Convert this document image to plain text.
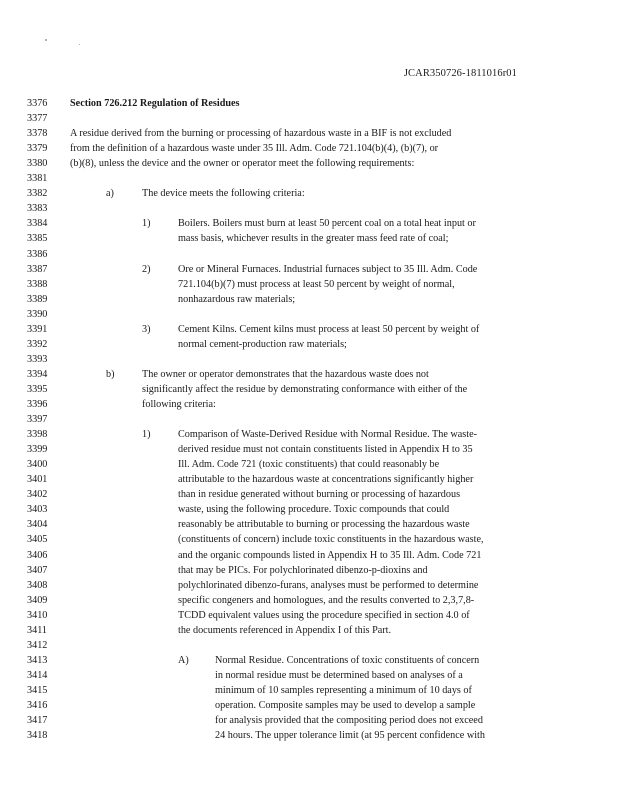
JCAR350726-1811016r01
3376	Section 726.212 Regulation of Residues
3377
3378	A residue derived from the burning or processing of hazardous waste in a BIF is not excluded
3379	from the definition of a hazardous waste under 35 Ill. Adm. Code 721.104(b)(4), (b)(7), or
3380	(b)(8), unless the device and the owner or operator meet the following requirements:
3381
3382	a)	The device meets the following criteria:
3383
3384	1)	Boilers. Boilers must burn at least 50 percent coal on a total heat input or
3385	mass basis, whichever results in the greater mass feed rate of coal;
3386
3387	2)	Ore or Mineral Furnaces. Industrial furnaces subject to 35 Ill. Adm. Code
3388	721.104(b)(7) must process at least 50 percent by weight of normal,
3389	nonhazardous raw materials;
3390
3391	3)	Cement Kilns. Cement kilns must process at least 50 percent by weight of
3392	normal cement-production raw materials;
3393
3394	b)	The owner or operator demonstrates that the hazardous waste does not
3395	significantly affect the residue by demonstrating conformance with either of the
3396	following criteria:
3397
3398	1)	Comparison of Waste-Derived Residue with Normal Residue. The waste-
3399	derived residue must not contain constituents listed in Appendix H to 35
3400	Ill. Adm. Code 721 (toxic constituents) that could reasonably be
3401	attributable to the hazardous waste at concentrations significantly higher
3402	than in residue generated without burning or processing of hazardous
3403	waste, using the following procedure. Toxic compounds that could
3404	reasonably be attributable to burning or processing the hazardous waste
3405	(constituents of concern) include toxic constituents in the hazardous waste,
3406	and the organic compounds listed in Appendix H to 35 Ill. Adm. Code 721
3407	that may be PICs. For polychlorinated dibenzo-p-dioxins and
3408	polychlorinated dibenzo-furans, analyses must be performed to determine
3409	specific congeners and homologues, and the results converted to 2,3,7,8-
3410	TCDD equivalent values using the procedure specified in section 4.0 of
3411	the documents referenced in Appendix I of this Part.
3412
3413	A)	Normal Residue. Concentrations of toxic constituents of concern
3414	in normal residue must be determined based on analyses of a
3415	minimum of 10 samples representing a minimum of 10 days of
3416	operation. Composite samples may be used to develop a sample
3417	for analysis provided that the compositing period does not exceed
3418	24 hours. The upper tolerance limit (at 95 percent confidence with
